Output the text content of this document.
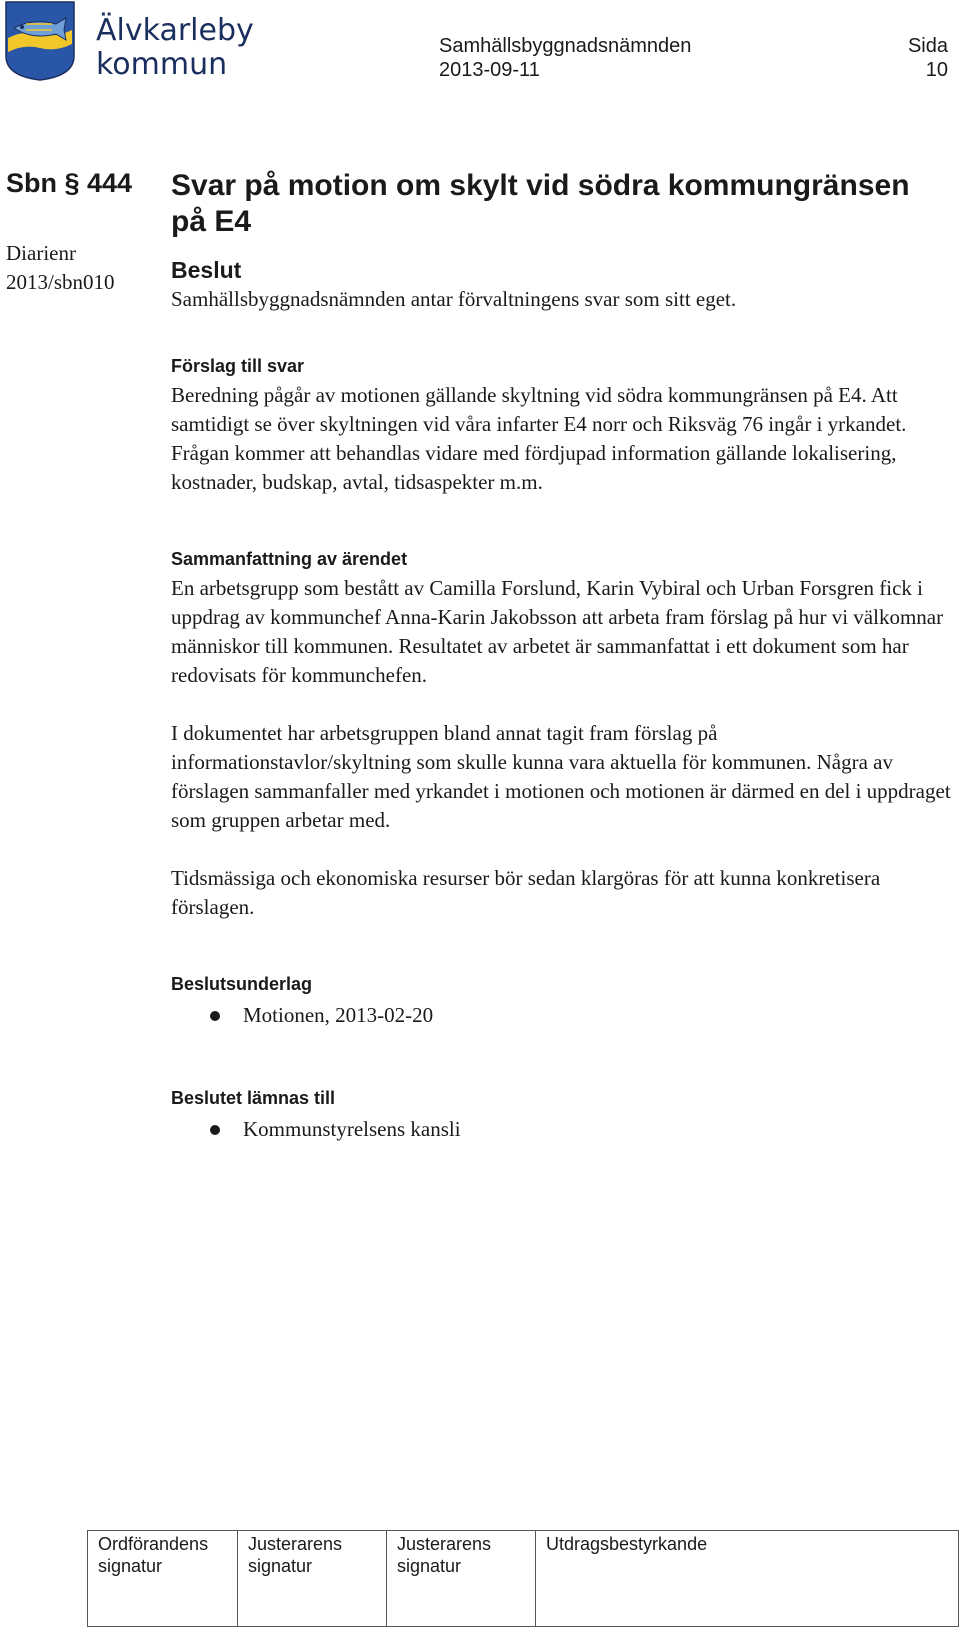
Älvkarleby
kommun
Samhällsbyggnadsnämnden
2013-09-11
Sida
10
Sbn § 444
Diarienr
2013/sbn010
Svar på motion om skylt vid södra kommungränsen på E4

Beslut

Samhällsbyggnadsnämnden antar förvaltningens svar som sitt eget.

Förslag till svar

Beredning pågår av motionen gällande skyltning vid södra kommungränsen på E4. Att samtidigt se över skyltningen vid våra infarter E4 norr och Riksväg 76 ingår i yrkandet.

Frågan kommer att behandlas vidare med fördjupad information gällande lokalisering, kostnader, budskap, avtal, tidsaspekter m.m.

Sammanfattning av ärendet

En arbetsgrupp som bestått av Camilla Forslund, Karin Vybiral och Urban Forsgren fick i uppdrag av kommunchef Anna-Karin Jakobsson att arbeta fram förslag på hur vi välkomnar människor till kommunen. Resultatet av arbetet är sammanfattat i ett dokument som har redovisats för kommunchefen.

I dokumentet har arbetsgruppen bland annat tagit fram förslag på informationstavlor/skyltning som skulle kunna vara aktuella för kommunen. Några av förslagen sammanfaller med yrkandet i motionen och motionen är därmed en del i uppdraget som gruppen arbetar med.

Tidsmässiga och ekonomiska resurser bör sedan klargöras för att kunna konkretisera förslagen.

Beslutsunderlag

Motionen, 2013-02-20

Beslutet lämnas till

Kommunstyrelsens kansli
Ordförandens
signatur
Justerarens
signatur
Justerarens
signatur
Utdragsbestyrkande
